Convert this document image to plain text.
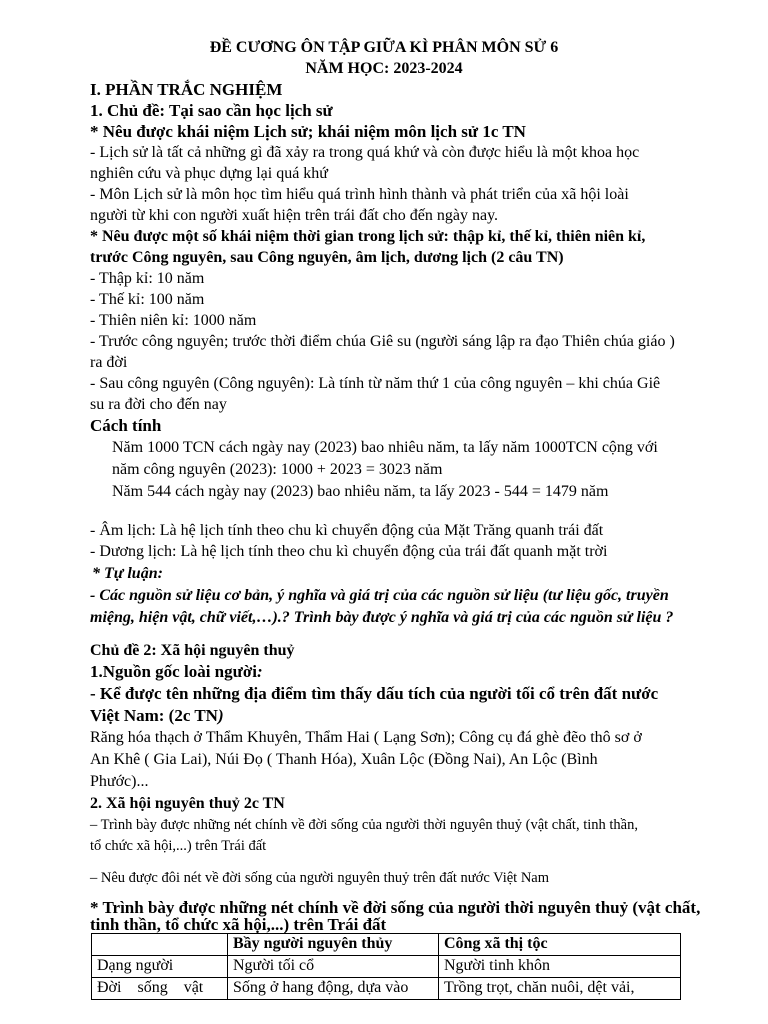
ĐỀ CƯƠNG ÔN TẬP GIỮA KÌ PHÂN MÔN SỬ 6
NĂM HỌC: 2023-2024
I. PHẦN TRẮC NGHIỆM
1. Chủ đề: Tại sao cần học lịch sử
* Nêu được khái niệm Lịch sử; khái niệm môn lịch sử 1c TN
- Lịch sử là tất cả những gì đã xảy ra trong quá khứ và còn được hiểu là một khoa học
nghiên cứu và phục dựng lại quá khứ
- Môn Lịch sử là môn học tìm hiểu quá trình hình thành và phát triển của xã hội loài
người từ khi con người xuất hiện trên trái đất cho đến ngày nay.
* Nêu được một số khái niệm thời gian trong lịch sử: thập kỉ, thế kỉ, thiên niên kỉ,
trước Công nguyên, sau Công nguyên, âm lịch, dương lịch (2 câu TN)
- Thập kỉ: 10 năm
- Thế kỉ: 100 năm
- Thiên niên kỉ: 1000 năm
- Trước công nguyên; trước thời điểm chúa Giê su (người sáng lập ra đạo Thiên chúa giáo )
ra đời
- Sau công nguyên (Công nguyên): Là tính từ năm thứ 1 của công nguyên – khi chúa Giê
su ra đời cho đến nay
Cách tính
Năm 1000 TCN cách ngày nay (2023) bao nhiêu năm, ta lấy năm 1000TCN cộng với
năm công nguyên (2023): 1000 + 2023 = 3023 năm
Năm 544 cách ngày nay (2023) bao nhiêu năm, ta lấy 2023 - 544 = 1479 năm
- Âm lịch: Là hệ lịch tính theo chu kì chuyển động của Mặt Trăng quanh trái đất
- Dương lịch: Là hệ lịch tính theo chu kì chuyển động của trái đất quanh mặt trời
* Tự luận:
- Các nguồn sử liệu cơ bản, ý nghĩa và giá trị của các nguồn sử liệu (tư liệu gốc, truyền
miệng, hiện vật, chữ viết,…).? Trình bày được ý nghĩa và giá trị của các nguồn sử liệu ?
Chủ đề 2: Xã hội nguyên thuỷ
1.Nguồn gốc loài người:
- Kể được tên những địa điểm tìm thấy dấu tích của người tối cổ trên đất nước
Việt Nam: (2c TN)
Răng hóa thạch ở Thẩm Khuyên, Thẩm Hai ( Lạng Sơn); Công cụ đá ghè đẽo thô sơ ở
An Khê ( Gia Lai), Núi Đọ ( Thanh Hóa), Xuân Lộc (Đồng Nai), An Lộc (Bình
Phước)...
2. Xã hội nguyên thuỷ 2c TN
– Trình bày được những nét chính về đời sống của người thời nguyên thuỷ (vật chất, tinh thần,
tổ chức xã hội,...) trên Trái đất
– Nêu được đôi nét về đời sống của người nguyên thuỷ trên đất nước Việt Nam
* Trình bày được những nét chính về đời sống của người thời nguyên thuỷ (vật chất,
tinh thần, tổ chức xã hội,...) trên Trái đất
	Bầy người nguyên thủy	Công xã thị tộc
Dạng người	Người tối cổ	Người tinh khôn
Đời    sống    vật	Sống ở hang động, dựa vào	Trồng trọt, chăn nuôi, dệt vải,
